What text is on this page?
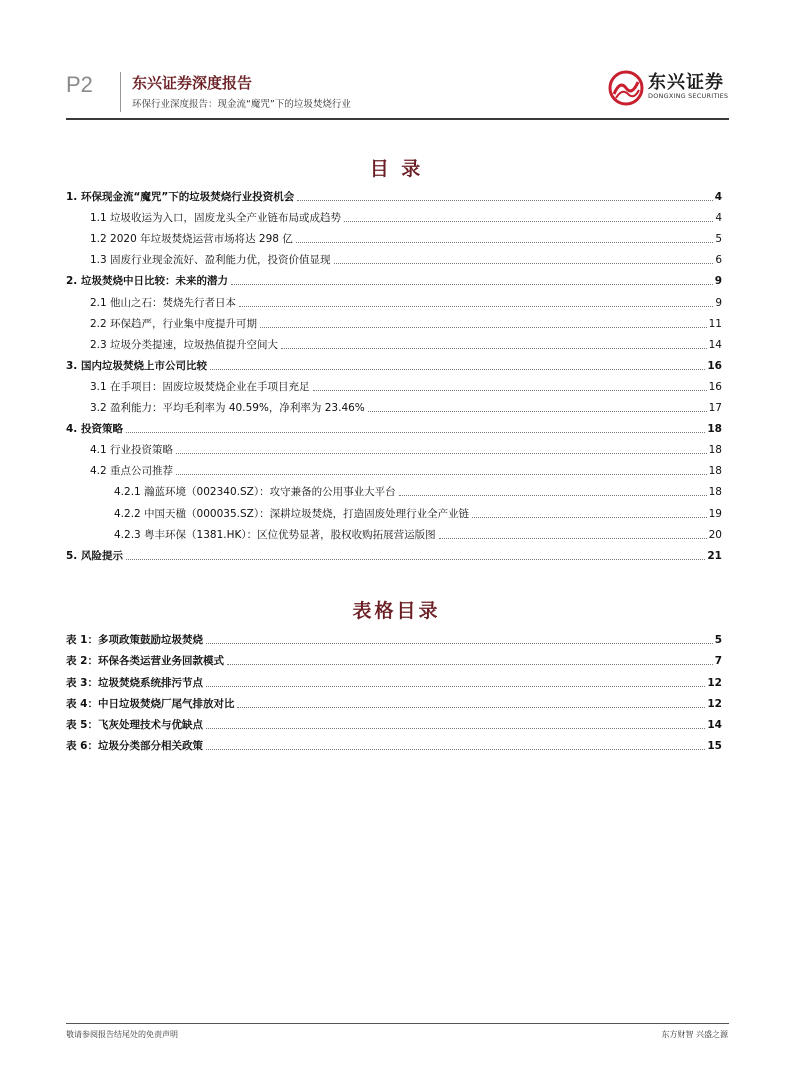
P2	东兴证券深度报告
环保行业深度报告：现金流“魔咒”下的垃圾焚烧行业
东兴证券
DONGXING SECURITIES
目 录
1. 环保现金流“魔咒”下的垃圾焚烧行业投资机会	4
1.1 垃圾收运为入口，固废龙头全产业链布局或成趋势	4
1.2 2020 年垃圾焚烧运营市场将达 298 亿	5
1.3 固废行业现金流好、盈利能力优，投资价值显现	6
2. 垃圾焚烧中日比较：未来的潜力	9
2.1 他山之石：焚烧先行者日本	9
2.2 环保趋严，行业集中度提升可期	11
2.3 垃圾分类提速，垃圾热值提升空间大	14
3. 国内垃圾焚烧上市公司比较	16
3.1 在手项目：固废垃圾焚烧企业在手项目充足	16
3.2 盈利能力：平均毛利率为 40.59%，净利率为 23.46%	17
4. 投资策略	18
4.1 行业投资策略	18
4.2 重点公司推荐	18
4.2.1 瀚蓝环境（002340.SZ）：攻守兼备的公用事业大平台	18
4.2.2 中国天楹（000035.SZ）：深耕垃圾焚烧，打造固废处理行业全产业链	19
4.2.3 粤丰环保（1381.HK）：区位优势显著，股权收购拓展营运版图	20
5. 风险提示	21
表格目录
表 1：多项政策鼓励垃圾焚烧	5
表 2：环保各类运营业务回款模式	7
表 3：垃圾焚烧系统排污节点	12
表 4：中日垃圾焚烧厂尾气排放对比	12
表 5：飞灰处理技术与优缺点	14
表 6：垃圾分类部分相关政策	15
敬请参阅报告结尾处的免责声明	东方财智 兴盛之源
